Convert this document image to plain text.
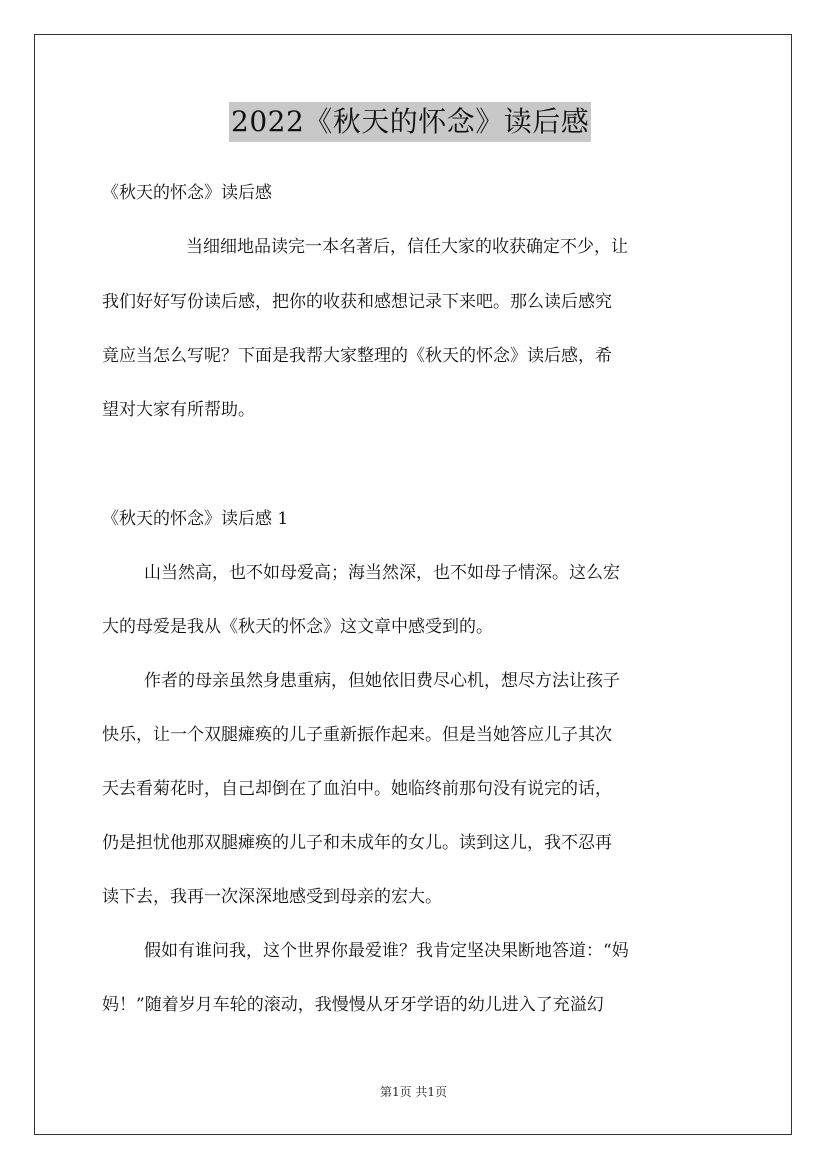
2022《秋天的怀念》读后感
《秋天的怀念》读后感
当细细地品读完一本名著后，信任大家的收获确定不少，让
我们好好写份读后感，把你的收获和感想记录下来吧。那么读后感究
竟应当怎么写呢？下面是我帮大家整理的《秋天的怀念》读后感，希
望对大家有所帮助。
《秋天的怀念》读后感 1
山当然高，也不如母爱高；海当然深，也不如母子情深。这么宏
大的母爱是我从《秋天的怀念》这文章中感受到的。
作者的母亲虽然身患重病，但她依旧费尽心机，想尽方法让孩子
快乐，让一个双腿瘫痪的儿子重新振作起来。但是当她答应儿子其次
天去看菊花时，自己却倒在了血泊中。她临终前那句没有说完的话，
仍是担忧他那双腿瘫痪的儿子和未成年的女儿。读到这儿，我不忍再
读下去，我再一次深深地感受到母亲的宏大。
假如有谁问我，这个世界你最爱谁？我肯定坚决果断地答道：“妈
妈！”随着岁月车轮的滚动，我慢慢从牙牙学语的幼儿进入了充溢幻
第1页 共1页
